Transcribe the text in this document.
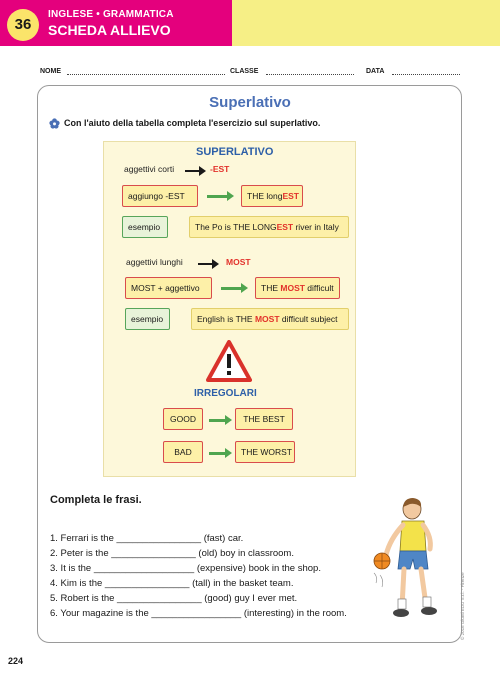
36
INGLESE • GRAMMATICA
SCHEDA ALLIEVO
NOME	CLASSE	DATA
Superlativo
Con l'aiuto della tabella completa l'esercizio sul superlativo.
SUPERLATIVO
aggettivi corti	-EST
aggiungo -EST	THE longEST
esempio	The Po is THE LONGEST river in Italy
aggettivi lunghi	MOST
MOST + aggettivo	THE MOST difficult
esempio	English is THE MOST difficult subject
IRREGOLARI
GOOD	THE BEST
BAD	THE WORST
Completa le frasi.
1. Ferrari is the ________________ (fast) car.
2. Peter is the ________________ (old) boy in classroom.
3. It is the ___________________ (expensive) book in the shop.
4. Kim is the ________________ (tall) in the basket team.
5. Robert is the ________________ (good) guy I ever met.
6. Your magazine is the _________________ (interesting) in the room.	© 2016 Giunti EDU S.r.l. - Firenze
224
